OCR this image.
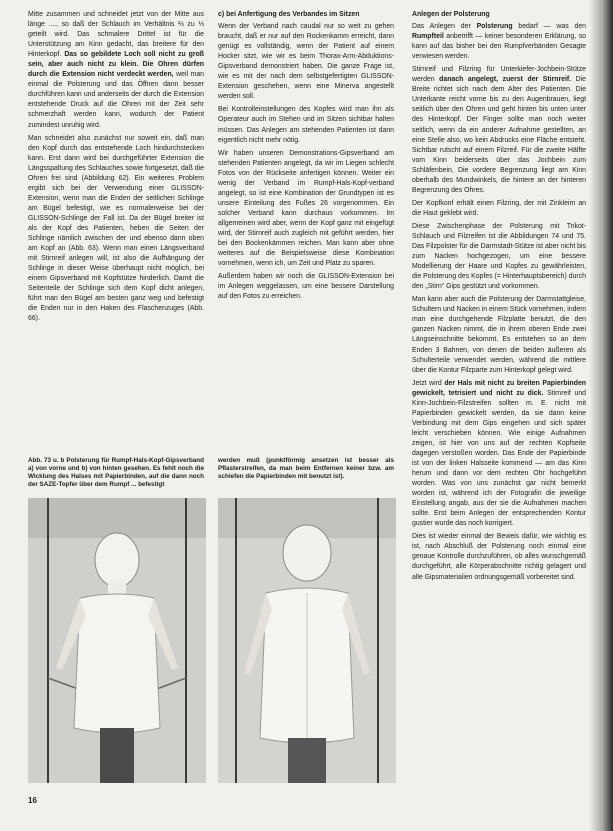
Mitte zusammen und schneidet jetzt von der Mitte aus länge ...., so daß der Schlauch im Verhältnis ⅔ zu ⅓ geteilt wird. Das schmalere Drittel ist für die Unterstützung am Kinn gedacht, das breitere für den Hinterkopf. Das so gebildete Loch soll nicht zu groß sein, aber auch nicht zu klein. Die Ohren dürfen durch die Extension nicht verdeckt werden, weil man einmal die Polsterung und das Öffnen dann besser durchführen kann und anderseits der durch die Extension entstehende Druck auf die Ohren mit der Zeit sehr schmerzhaft werden kann, wodurch der Patient zumindest unruhig wird.

Man schneidet also zunächst nur soweit ein, daß man den Kopf durch das entstehende Loch hindurchstecken kann. Erst dann wird bei durchgeführter Extension die Längsspaltung des Schlauches sowie fortgesetzt, daß die Ohren frei sind (Abbildung 62). Ein weiteres Problem ergibt sich bei der Verwendung einer GLISSON-Extension, wenn man die Enden der seitlichen Schlinge am Bügel befestigt, wie es normalerweise bei der GLISSON-Schlinge der Fall ist. Da der Bügel breiter ist als der Kopf des Patienten, heben die Seiten der Schlinge nämlich zwischen der und ebenso dann oben am Kopf an (Abb. 63). Wenn man einen Längsverband mit Stirnreif anlegen will, ist also die Aufhängung der Schlinge in dieser Weise überhaupt nicht möglich, bei einem Gipsverband mit Kopfstütze hinderlich. Damit die Seitenteile der Schlinge sich dem Kopf dicht anlegen, führt man den Bügel am besten ganz weg und befestigt die Enden nur in den Haken des Flaschenzuges (Abb. 66).

c) bei Anfertigung des Verbandes im Sitzen

Wenn der Verband nach caudal nur so weit zu gehen braucht, daß er nur auf den Rockenkamm erreicht, dann genügt es vollständig, wenn der Patient auf einem Hocker sitzt, wie wir es beim Thorax-Arm-Abduktions-Gipsverband demonstriert haben. Die ganze Frage ist, wie es mit der nach dem selbstgefertigten GLISSON-Extension geschehen, wenn eine Minerva angestellt werden soll.

Bei Kontrolleinstellungen des Kopfes wird man ihn als Operateur auch im Stehen und im Sitzen sichtbar halten müssen. Das Anlegen am stehenden Patienten ist dann eigentlich nicht mehr nötig.

Wir haben unseren Demonstrations-Gipsverband am stehenden Patienten angelegt, da wir im Liegen schlecht Fotos von der Rückseite anfertigen können. Weiter ein wenig der Verband im Rumpf-Hals-Kopf-verband angelegt, so ist eine Kombination der Grundtypen ist es unsere Einteilung des Fußes 26 vorgenommen. Ein solcher Verband kann durchaus vorkommen. Im allgemeinen wird aber, wenn der Kopf ganz mit eingefügt wird, der Stirnreif auch zugleich mit geführt werden, hier bei den Bockenkämmen reichen. Man kann aber ohne weiteres auf die Beispielsweise diese Kombination vornehmen, wenn ich, um Zeit und Platz zu sparen.

Außerdem haben wir noch die GLISSON-Extension bei im Anlegen weggelassen, um eine bessere Darstellung auf den Fotos zu erreichen.

Anlegen der Polsterung

Das Anlegen der Polsterung bedarf — was den Rumpfteil anbetrifft — keiner besonderen Erklärung, so kann auf das bisher bei den Rumpfverbänden Gesagte verwiesen werden.

Stirnreif und Filzring für Unterkiefer-Jochbein-Stütze werden danach angelegt, zuerst der Stirnreif. Die Breite richtet sich nach dem Alter des Patienten. Die Unterkante reicht vorne bis zu den Augenbrauen, liegt seitlich über den Ohren und geht hinten bis unten unter des Hinterkopf. Der Finger sollte man noch weiter seitlich, wenn da ein anderer Aufnahme gestellten, an eine Stelle also, wo kein Abdrucks eine Fläche entsteht. Sichtbar rutscht auf einem Filzreif. Für die zweite Hälfte vom Kinn beiderseits über das Jochbein zum Schläfenbein, Die vordere Begrenzung liegt am Kinn oberhalb des Mundwinkels, die hintere an der hinteren Begrenzung des Ohres.

Der Kopfkonf erhält einen Filzring, der mit Zinkleim an die Haut geklebt wird.

Diese Zwischenphase der Polsterung mit Trikot-Schlauch und Filzreifen ist die Abbildungen 74 und 75. Das Filzpolster für die Darmstadt-Stütze ist aber nicht bis zum Nacken hochgezogen, um eine bessere Modellierung der Haare und Kopfes zu gewährleisten, die Polsterung des Kopfes (= Hinterhauptsbereich) durch den „Stirn“ Gips gestützt und vorkommen.

Man kann aber auch die Polsterung der Darmstattgleise, Schultern und Nacken in einem Stück vornehmen, indem man eine durchgehende Filzplatte benutzt, die den ganzen Nacken nimmt, die in ihrem oberen Ende zwei Längseinschnitte bekommt. Es entstehen so an dem Enden 3 Bahnen, von denen die beiden äußeren als Schulterteile verwendet werden, während die mittlere über die Kontur Filzparte zum Hinterkopf gelegt wird.

Jetzt wird der Hals mit nicht zu breiten Papierbinden gewickelt, tetrisiert und nicht zu dick. Stirnreif und Kinn-Jochbein-Filzstreifen sollten m. E. nicht mit Papierbinden gewickelt werden, da sie dann keine Verbindung mit dem Gips eingehen und sich später leicht verschieben können. Wie einige Aufnahmen zeigen, ist hier von uns auf der rechten Kopfseite dagegen verstoßen worden. Das Ende der Papierbinde ist von der linken Halsseite kommend — am das Kinn herum und dann vor dem rechten Ohr hochgeführt worden. Was von uns zunächst gar nicht bemerkt worden ist, während ich der Fotografin die jeweilige Einstellung angab, aus der sie die Aufnahmen machen sollte. Erst beim Anlegen der entsprechenden Kontur gustier wurde das noch korrigiert.

Dies ist wieder einmal der Beweis dafür, wie wichtig es ist, nach Abschluß der Polsterung noch einmal eine genaue Kontrolle durchzuführen, ob alles wunschgemäß durchgeführt, alle Körperabschnitte richtig gelagert und alle Gipsmaterialien ordnungsgemäß vorbereitet sind.

Abb. 73 u. b Polsterung für Rumpf-Hals-Kopf-Gipsverband a) von vorne und b) von hinten gesehen. Es fehlt noch die Wicklung des Halses mit Papierbinden, auf die dann noch der SAZE-Topfer über dem Rumpf ... befestigt
werden muß (punktförmig ansetzen ist besser als Pflasterstreifen, da man beim Entfernen keiner bzw. am schiefen die Papierbinden mit benutzt ist).
16
